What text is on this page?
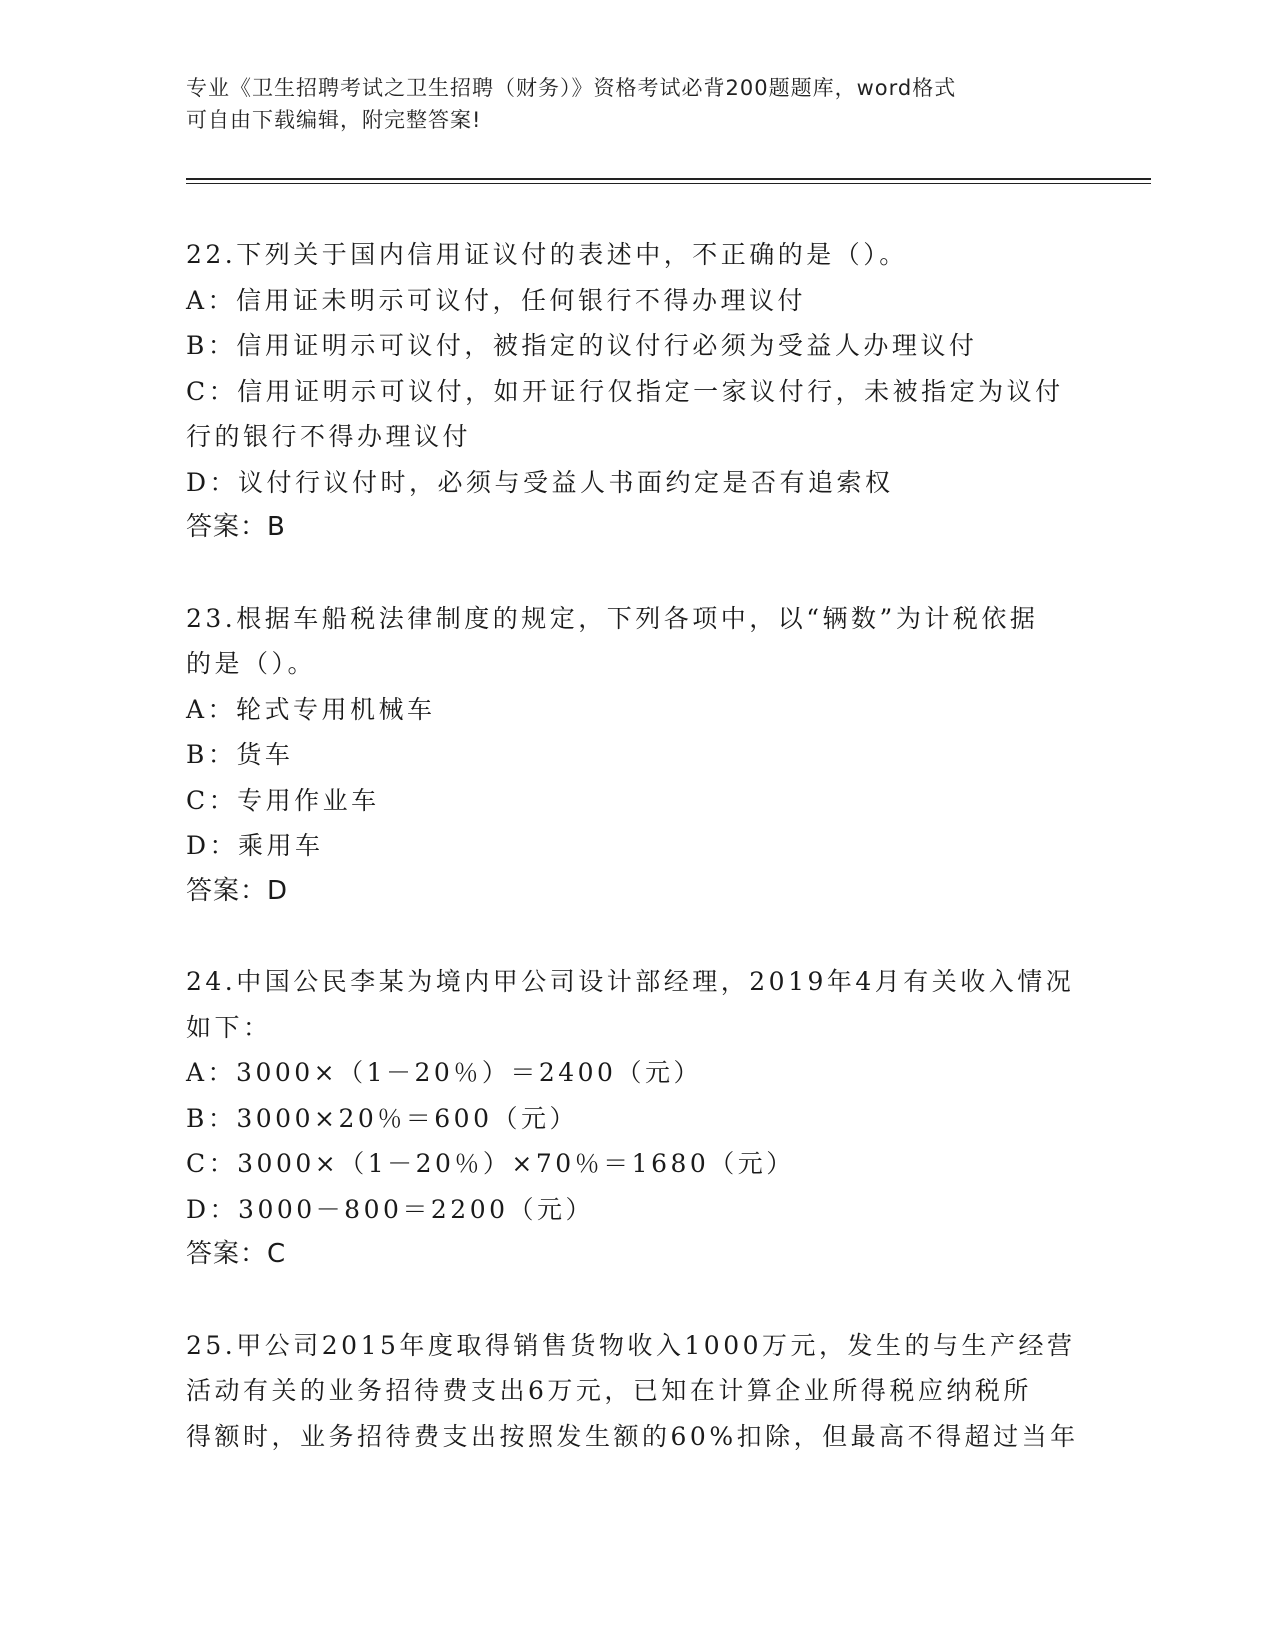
专业《卫生招聘考试之卫生招聘（财务）》资格考试必背200题题库，word格式
可自由下载编辑，附完整答案!
22.下列关于国内信用证议付的表述中，不正确的是（）。
A：信用证未明示可议付，任何银行不得办理议付
B：信用证明示可议付，被指定的议付行必须为受益人办理议付
C：信用证明示可议付，如开证行仅指定一家议付行，未被指定为议付
行的银行不得办理议付
D：议付行议付时，必须与受益人书面约定是否有追索权
答案：B
23.根据车船税法律制度的规定，下列各项中，以“辆数”为计税依据
的是（）。
A：轮式专用机械车
B：货车
C：专用作业车
D：乘用车
答案：D
24.中国公民李某为境内甲公司设计部经理，2019年4月有关收入情况
如下：
A：3000×（1－20％）＝2400（元）
B：3000×20％＝600（元）
C：3000×（1－20％）×70％＝1680（元）
D：3000－800＝2200（元）
答案：C
25.甲公司2015年度取得销售货物收入1000万元，发生的与生产经营
活动有关的业务招待费支出6万元，已知在计算企业所得税应纳税所
得额时，业务招待费支出按照发生额的60%扣除，但最高不得超过当年
